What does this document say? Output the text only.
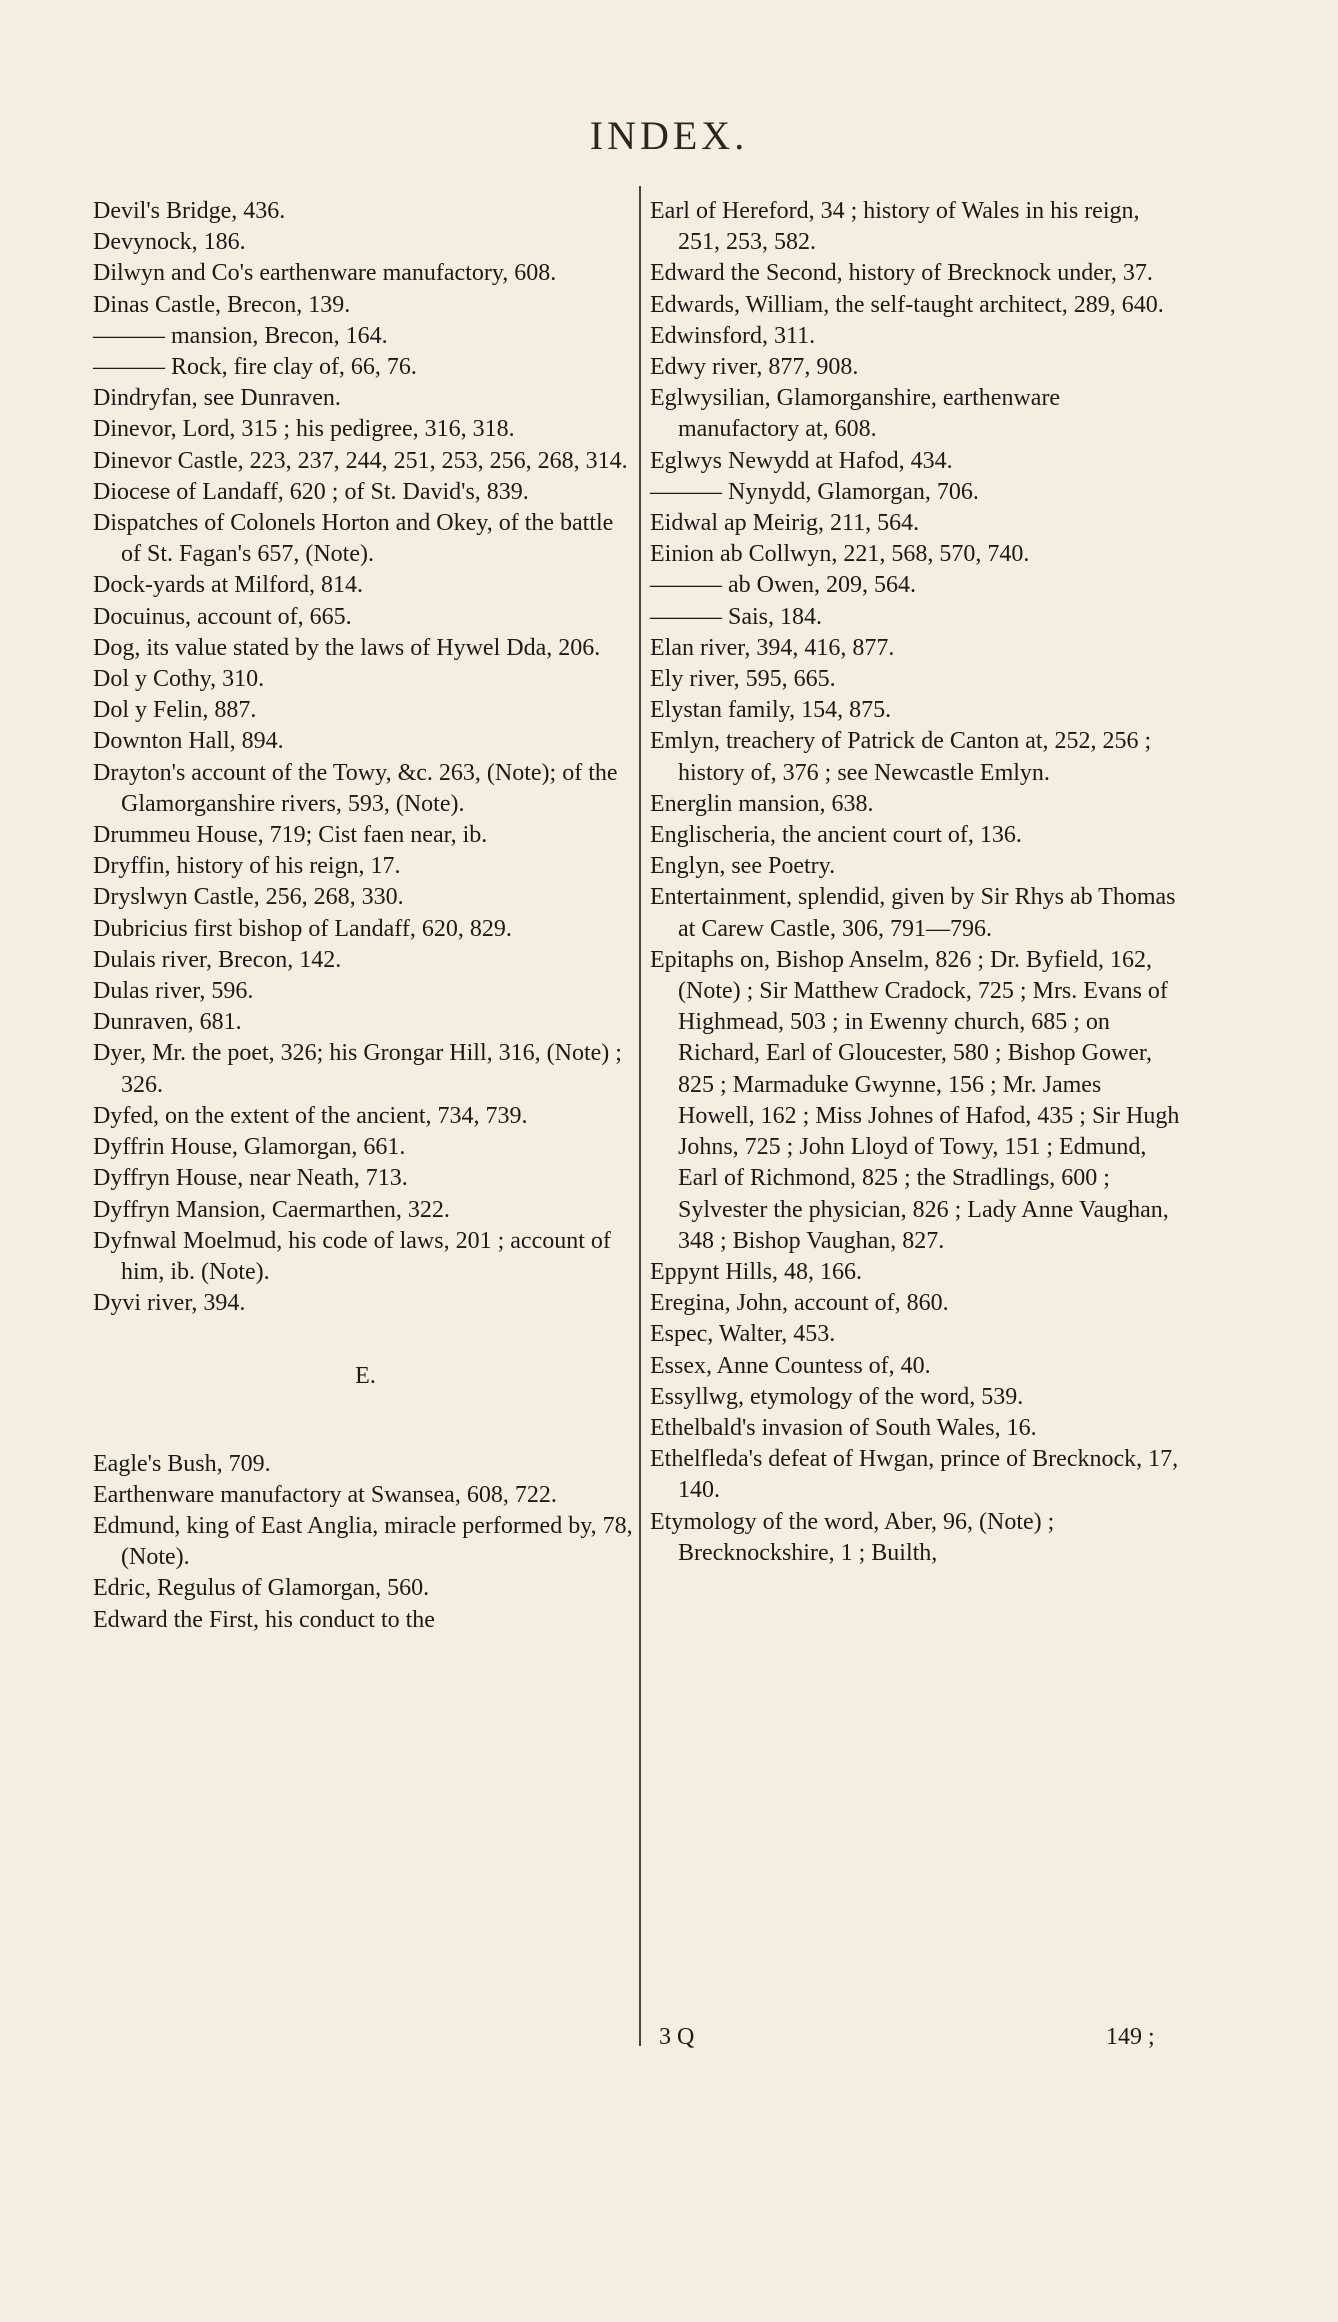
INDEX.

Devil's Bridge, 436.

Devynock, 186.

Dilwyn and Co's earthenware manufactory, 608.

Dinas Castle, Brecon, 139.

——— mansion, Brecon, 164.

——— Rock, fire clay of, 66, 76.

Dindryfan, see Dunraven.

Dinevor, Lord, 315 ; his pedigree, 316, 318.

Dinevor Castle, 223, 237, 244, 251, 253, 256, 268, 314.

Diocese of Landaff, 620 ; of St. David's, 839.

Dispatches of Colonels Horton and Okey, of the battle of St. Fagan's 657, (Note).

Dock-yards at Milford, 814.

Docuinus, account of, 665.

Dog, its value stated by the laws of Hywel Dda, 206.

Dol y Cothy, 310.

Dol y Felin, 887.

Downton Hall, 894.

Drayton's account of the Towy, &c. 263, (Note); of the Glamorganshire rivers, 593, (Note).

Drummeu House, 719; Cist faen near, ib.

Dryffin, history of his reign, 17.

Dryslwyn Castle, 256, 268, 330.

Dubricius first bishop of Landaff, 620, 829.

Dulais river, Brecon, 142.

Dulas river, 596.

Dunraven, 681.

Dyer, Mr. the poet, 326; his Grongar Hill, 316, (Note) ; 326.

Dyfed, on the extent of the ancient, 734, 739.

Dyffrin House, Glamorgan, 661.

Dyffryn House, near Neath, 713.

Dyffryn Mansion, Caermarthen, 322.

Dyfnwal Moelmud, his code of laws, 201 ; account of him, ib. (Note).

Dyvi river, 394.

E.

Eagle's Bush, 709.

Earthenware manufactory at Swansea, 608, 722.

Edmund, king of East Anglia, miracle performed by, 78, (Note).

Edric, Regulus of Glamorgan, 560.

Edward the First, his conduct to the

Earl of Hereford, 34 ; history of Wales in his reign, 251, 253, 582.

Edward the Second, history of Brecknock under, 37.

Edwards, William, the self-taught architect, 289, 640.

Edwinsford, 311.

Edwy river, 877, 908.

Eglwysilian, Glamorganshire, earthenware manufactory at, 608.

Eglwys Newydd at Hafod, 434.

——— Nynydd, Glamorgan, 706.

Eidwal ap Meirig, 211, 564.

Einion ab Collwyn, 221, 568, 570, 740.

——— ab Owen, 209, 564.

——— Sais, 184.

Elan river, 394, 416, 877.

Ely river, 595, 665.

Elystan family, 154, 875.

Emlyn, treachery of Patrick de Canton at, 252, 256 ; history of, 376 ; see Newcastle Emlyn.

Energlin mansion, 638.

Englischeria, the ancient court of, 136.

Englyn, see Poetry.

Entertainment, splendid, given by Sir Rhys ab Thomas at Carew Castle, 306, 791—796.

Epitaphs on, Bishop Anselm, 826 ; Dr. Byfield, 162, (Note) ; Sir Matthew Cradock, 725 ; Mrs. Evans of Highmead, 503 ; in Ewenny church, 685 ; on Richard, Earl of Gloucester, 580 ; Bishop Gower, 825 ; Marmaduke Gwynne, 156 ; Mr. James Howell, 162 ; Miss Johnes of Hafod, 435 ; Sir Hugh Johns, 725 ; John Lloyd of Towy, 151 ; Edmund, Earl of Richmond, 825 ; the Stradlings, 600 ; Sylvester the physician, 826 ; Lady Anne Vaughan, 348 ; Bishop Vaughan, 827.

Eppynt Hills, 48, 166.

Eregina, John, account of, 860.

Espec, Walter, 453.

Essex, Anne Countess of, 40.

Essyllwg, etymology of the word, 539.

Ethelbald's invasion of South Wales, 16.

Ethelfleda's defeat of Hwgan, prince of Brecknock, 17, 140.

Etymology of the word, Aber, 96, (Note) ; Brecknockshire, 1 ; Builth,

3 Q	149 ;
